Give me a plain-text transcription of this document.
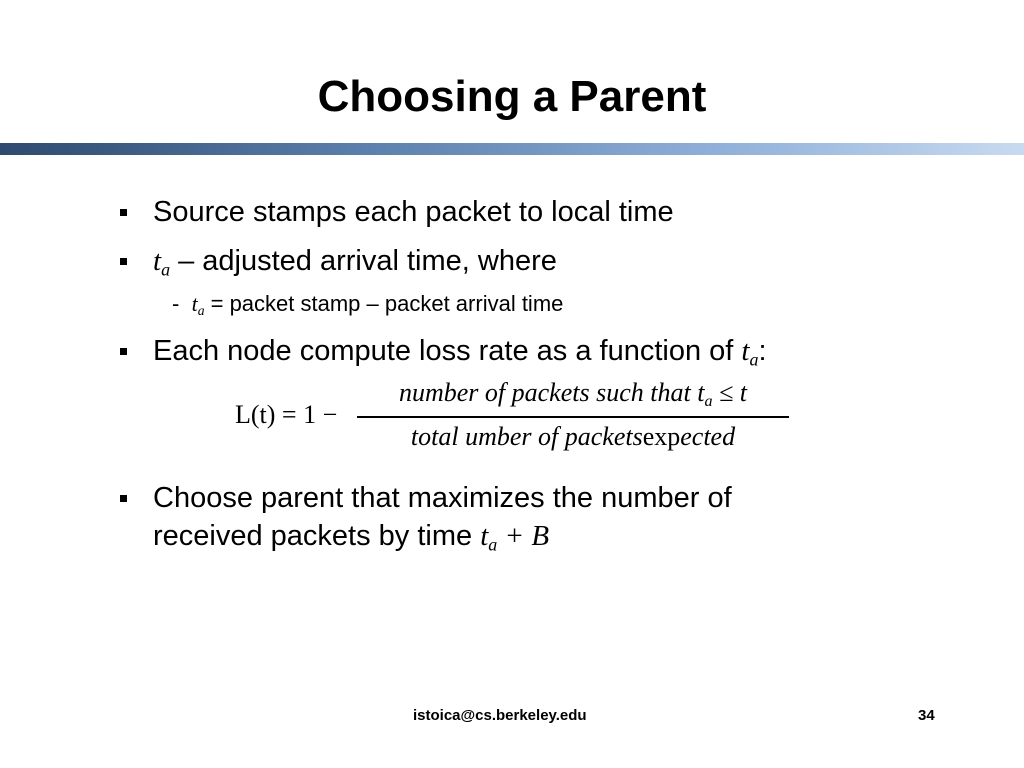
Choosing a Parent
Source stamps each packet to local time
ta – adjusted arrival time, where
-  ta = packet stamp – packet arrival time
Each node compute loss rate as a function of ta:
L(t) = 1 −
number of packets such that ta ≤ t
total umber of packetsexpected
Choose parent that maximizes the number of
received packets by time ta + B
istoica@cs.berkeley.edu	34
